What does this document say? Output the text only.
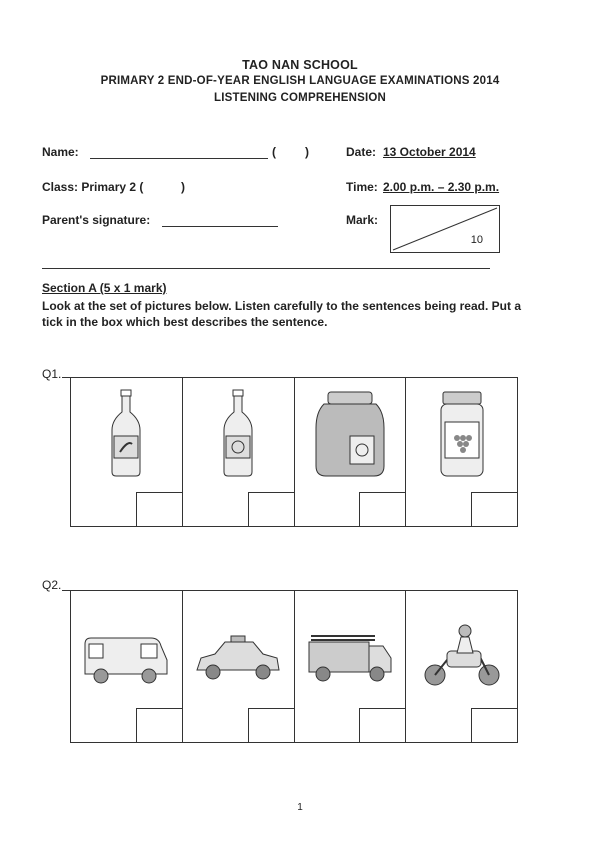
TAO NAN SCHOOL
PRIMARY 2 END-OF-YEAR ENGLISH LANGUAGE EXAMINATIONS 2014
LISTENING COMPREHENSION
Name:	( )	Date: 13 October 2014
Class: Primary 2 (	)	Time: 2.00 p.m. – 2.30 p.m.
Parent's signature:	Mark:
10
Section A (5 x 1 mark)
Look at the set of pictures below. Listen carefully to the sentences being read. Put a tick in the box which best describes the sentence.
Q1.
Q2.
1
